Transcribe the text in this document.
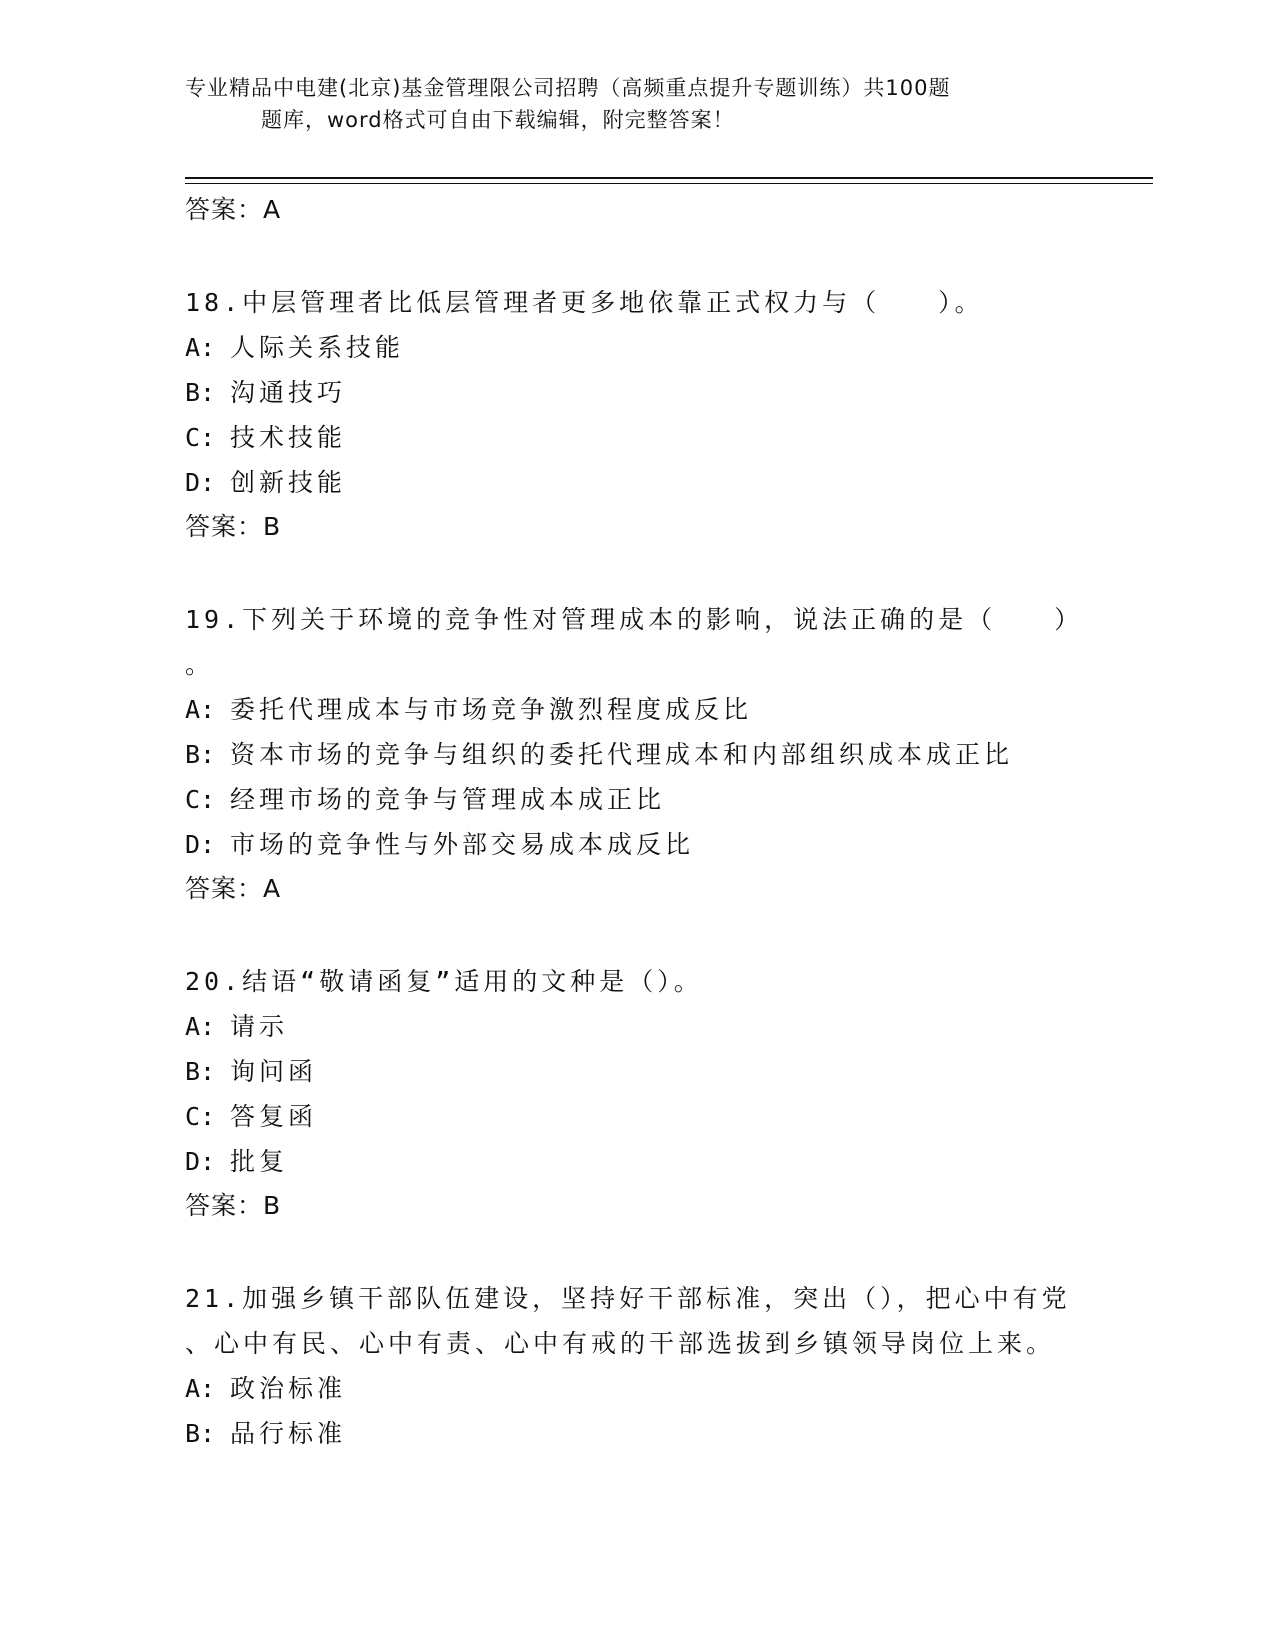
专业精品中电建(北京)基金管理限公司招聘（高频重点提升专题训练）共100题
题库，word格式可自由下载编辑，附完整答案！
答案：A
18.中层管理者比低层管理者更多地依靠正式权力与（　　）。
A: 人际关系技能
B: 沟通技巧
C: 技术技能
D: 创新技能
答案：B
19.下列关于环境的竞争性对管理成本的影响，说法正确的是（　　）
。
A: 委托代理成本与市场竞争激烈程度成反比
B: 资本市场的竞争与组织的委托代理成本和内部组织成本成正比
C: 经理市场的竞争与管理成本成正比
D: 市场的竞争性与外部交易成本成反比
答案：A
20.结语“敬请函复”适用的文种是（）。
A: 请示
B: 询问函
C: 答复函
D: 批复
答案：B
21.加强乡镇干部队伍建设，坚持好干部标准，突出（），把心中有党
、心中有民、心中有责、心中有戒的干部选拔到乡镇领导岗位上来。
A: 政治标准
B: 品行标准
